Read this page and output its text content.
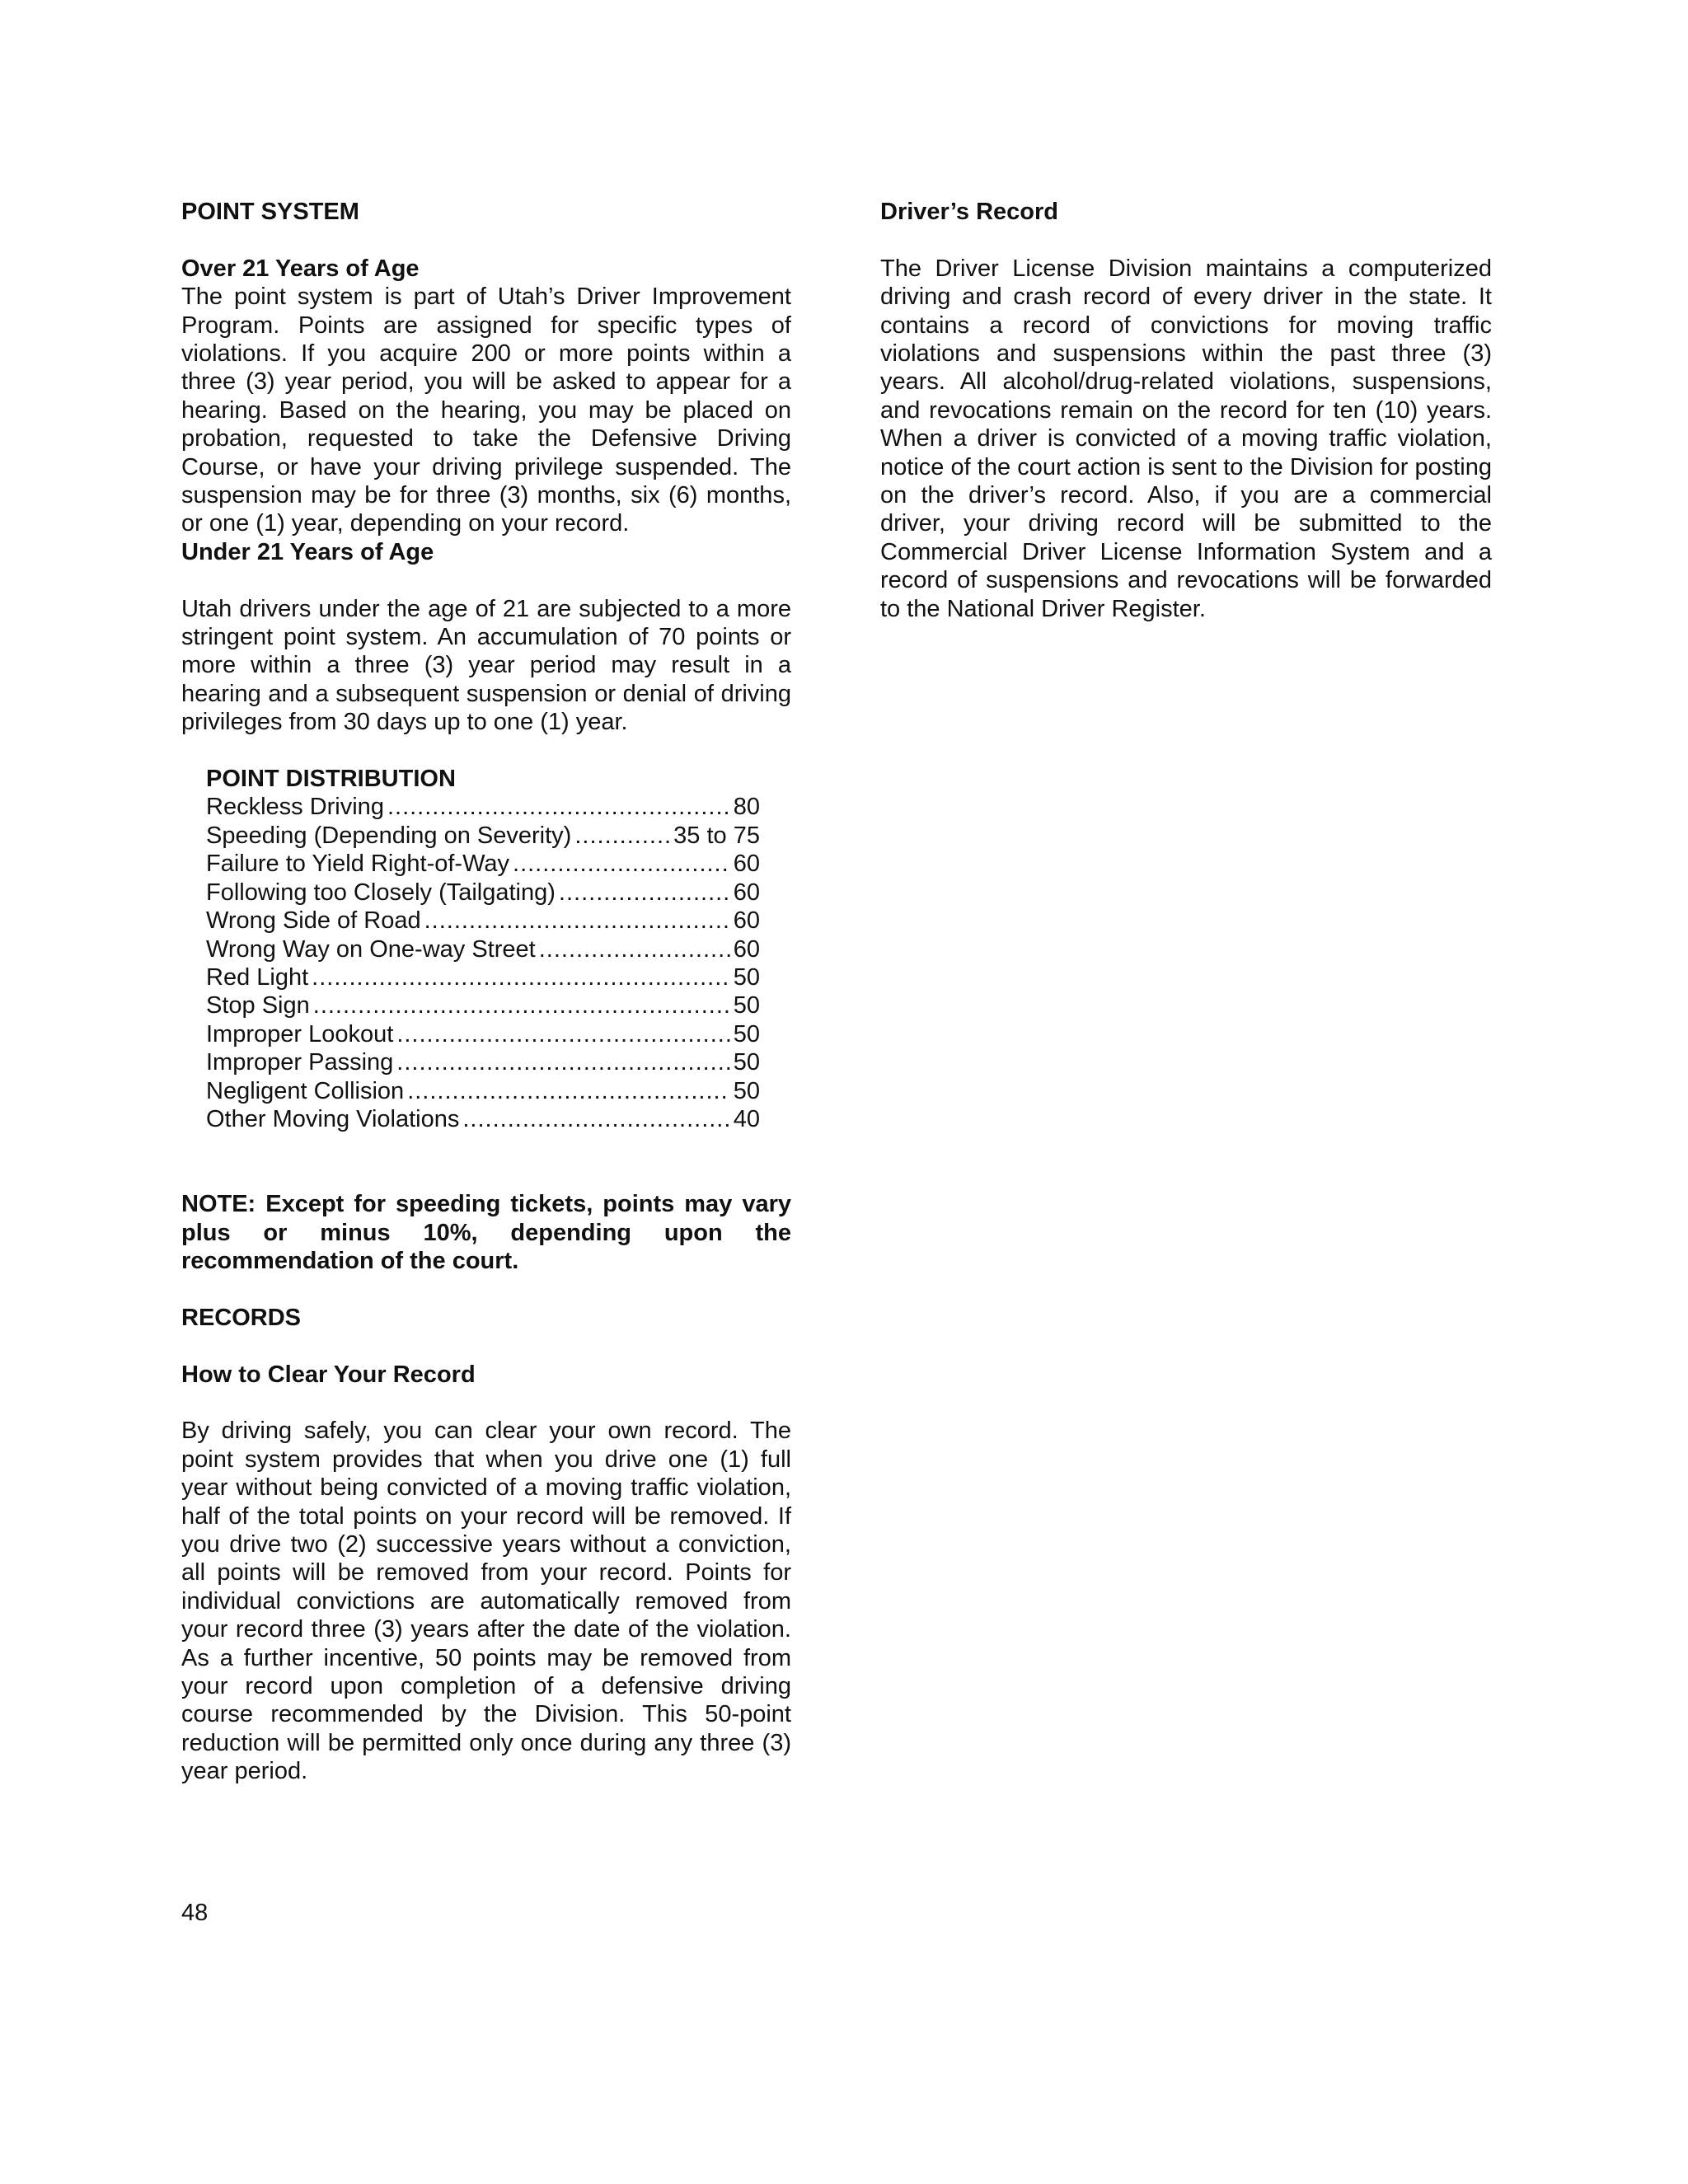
POINT SYSTEM

Over 21 Years of Age

The point system is part of Utah’s Driver Improvement Program. Points are assigned for specific types of violations. If you acquire 200 or more points within a three (3) year period, you will be asked to appear for a hearing. Based on the hearing, you may be placed on probation, requested to take the Defensive Driving Course, or have your driving privilege suspended. The suspension may be for three (3) months, six (6) months, or one (1) year, depending on your record.

Under 21 Years of Age

Utah drivers under the age of 21 are subjected to a more stringent point system. An accumulation of 70 points or more within a three (3) year period may result in a hearing and a subsequent suspension or denial of driving privileges from 30 days up to one (1) year.

POINT DISTRIBUTION
Reckless Driving .....	80
Speeding (Depending on Severity) .....	35 to 75
Failure to Yield Right-of-Way .....	60
Following too Closely (Tailgating) .....	60
Wrong Side of Road .....	60
Wrong Way on One-way Street .....	60
Red Light .....	50
Stop Sign .....	50
Improper Lookout .....	50
Improper Passing .....	50
Negligent Collision .....	50
Other Moving Violations .....	40

NOTE: Except for speeding tickets, points may vary plus or minus 10%, depending upon the recommendation of the court.

RECORDS

How to Clear Your Record

By driving safely, you can clear your own record. The point system provides that when you drive one (1) full year without being convicted of a moving traffic violation, half of the total points on your record will be removed. If you drive two (2) successive years without a conviction, all points will be removed from your record. Points for individual convictions are automatically removed from your record three (3) years after the date of the violation. As a further incentive, 50 points may be removed from your record upon completion of a defensive driving course recommended by the Division. This 50-point reduction will be permitted only once during any three (3) year period.

Driver’s Record

The Driver License Division maintains a computerized driving and crash record of every driver in the state. It contains a record of convictions for moving traffic violations and suspensions within the past three (3) years. All alcohol/drug-related violations, suspensions, and revocations remain on the record for ten (10) years. When a driver is convicted of a moving traffic violation, notice of the court action is sent to the Division for posting on the driver’s record. Also, if you are a commercial driver, your driving record will be submitted to the Commercial Driver License Information System and a record of suspensions and revocations will be forwarded to the National Driver Register.

48
